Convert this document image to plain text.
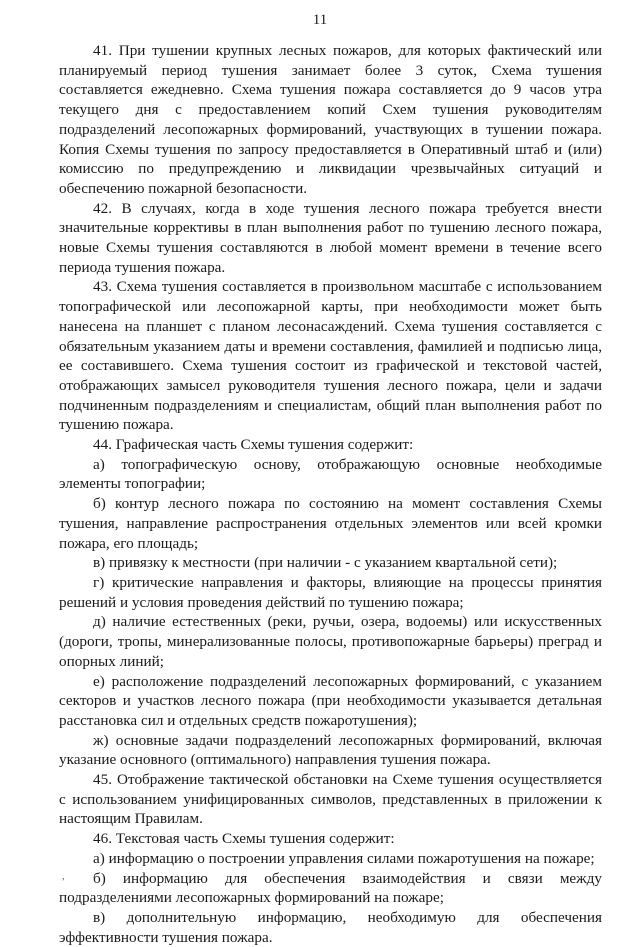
11

41. При тушении крупных лесных пожаров, для которых фактический или планируемый период тушения занимает более 3 суток, Схема тушения составляется ежедневно. Схема тушения пожара составляется до 9 часов утра текущего дня с предоставлением копий Схем тушения руководителям подразделений лесопожарных формирований, участвующих в тушении пожара. Копия Схемы тушения по запросу предоставляется в Оперативный штаб и (или) комиссию по предупреждению и ликвидации чрезвычайных ситуаций и обеспечению пожарной безопасности.

42. В случаях, когда в ходе тушения лесного пожара требуется внести значительные коррективы в план выполнения работ по тушению лесного пожара, новые Схемы тушения составляются в любой момент времени в течение всего периода тушения пожара.

43. Схема тушения составляется в произвольном масштабе с использованием топографической или лесопожарной карты, при необходимости может быть нанесена на планшет с планом лесонасаждений. Схема тушения составляется с обязательным указанием даты и времени составления, фамилией и подписью лица, ее составившего. Схема тушения состоит из графической и текстовой частей, отображающих замысел руководителя тушения лесного пожара, цели и задачи подчиненным подразделениям и специалистам, общий план выполнения работ по тушению пожара.

44. Графическая часть Схемы тушения содержит:

а) топографическую основу, отображающую основные необходимые элементы топографии;

б) контур лесного пожара по состоянию на момент составления Схемы тушения, направление распространения отдельных элементов или всей кромки пожара, его площадь;

в) привязку к местности (при наличии - с указанием квартальной сети);

г) критические направления и факторы, влияющие на процессы принятия решений и условия проведения действий по тушению пожара;

д) наличие естественных (реки, ручьи, озера, водоемы) или искусственных (дороги, тропы, минерализованные полосы, противопожарные барьеры) преград и опорных линий;

е) расположение подразделений лесопожарных формирований, с указанием секторов и участков лесного пожара (при необходимости указывается детальная расстановка сил и отдельных средств пожаротушения);

ж) основные задачи подразделений лесопожарных формирований, включая указание основного (оптимального) направления тушения пожара.

45. Отображение тактической обстановки на Схеме тушения осуществляется с использованием унифицированных символов, представленных в приложении к настоящим Правилам.

46. Текстовая часть Схемы тушения содержит:

а) информацию о построении управления силами пожаротушения на пожаре;

б) информацию для обеспечения взаимодействия и связи между подразделениями лесопожарных формирований на пожаре;

в) дополнительную информацию, необходимую для обеспечения эффективности тушения пожара.

,
